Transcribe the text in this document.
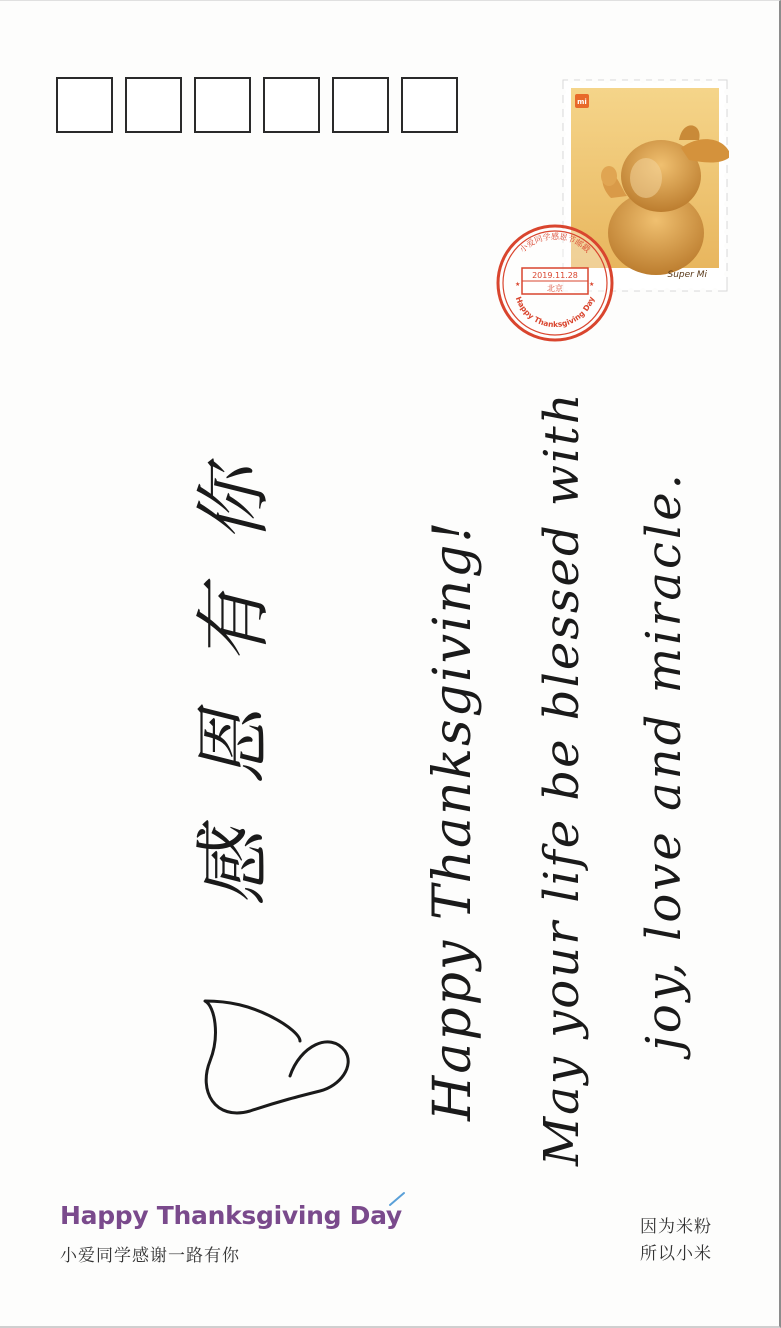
mi
Super Mi
小爱同学感恩节邮戳
Happy Thanksgiving Day
2019.11.28
北京
★	★
感恩有你	Happy Thanksgiving! May your life be blessed with joy, love and miracle.
Happy Thanksgiving Day
小爱同学感谢一路有你
因为米粉
所以小米
